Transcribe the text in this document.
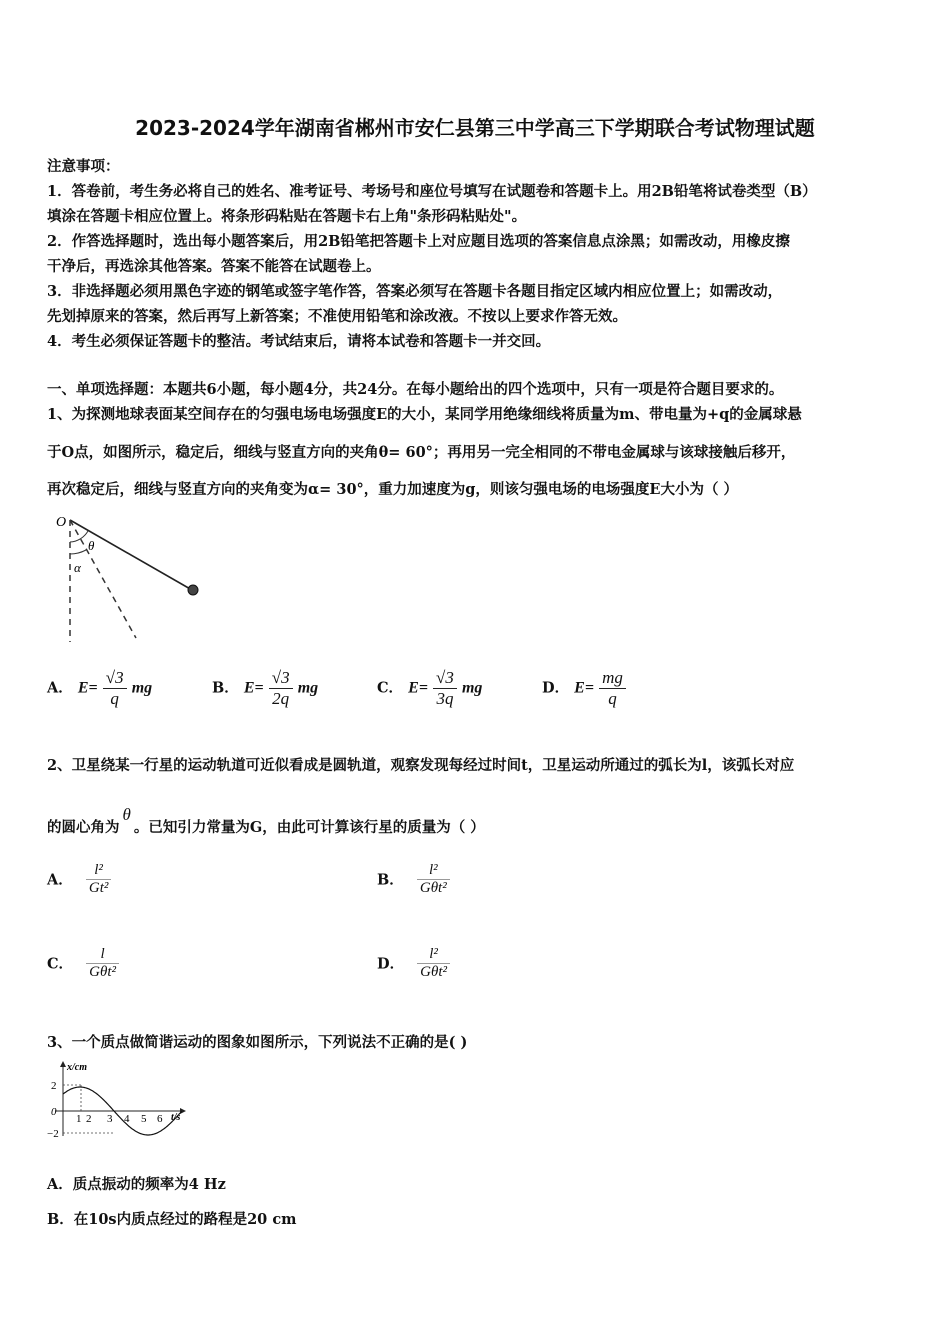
2023-2024学年湖南省郴州市安仁县第三中学高三下学期联合考试物理试题
注意事项：
1．答卷前，考生务必将自己的姓名、准考证号、考场号和座位号填写在试题卷和答题卡上。用2B铅笔将试卷类型（B）
填涂在答题卡相应位置上。将条形码粘贴在答题卡右上角"条形码粘贴处"。
2．作答选择题时，选出每小题答案后，用2B铅笔把答题卡上对应题目选项的答案信息点涂黑；如需改动，用橡皮擦
干净后，再选涂其他答案。答案不能答在试题卷上。
3．非选择题必须用黑色字迹的钢笔或签字笔作答，答案必须写在答题卡各题目指定区域内相应位置上；如需改动，
先划掉原来的答案，然后再写上新答案；不准使用铅笔和涂改液。不按以上要求作答无效。
4．考生必须保证答题卡的整洁。考试结束后，请将本试卷和答题卡一并交回。
一、单项选择题：本题共6小题，每小题4分，共24分。在每小题给出的四个选项中，只有一项是符合题目要求的。
1、为探测地球表面某空间存在的匀强电场电场强度E的大小，某同学用绝缘细线将质量为m、带电量为+q的金属球悬
于O点，如图所示，稳定后，细线与竖直方向的夹角θ= 60°；再用另一完全相同的不带电金属球与该球接触后移开，
再次稳定后，细线与竖直方向的夹角变为α= 30°，重力加速度为g，则该匀强电场的电场强度E大小为（ ）
O
θ
α
A． $E= \frac{√3}{q}$ mg	B． $E= \frac{√3}{2q}$ mg	C． $E= \frac{√3}{3q}$ mg	D． $E= \frac{mg}{q}$
2、卫星绕某一行星的运动轨道可近似看成是圆轨道，观察发现每经过时间t，卫星运动所通过的弧长为l，该弧长对应
的圆心角为θ。已知引力常量为G，由此可计算该行星的质量为（ ）
A． $\frac{\text{l²}}{\text{Gt²}}$	B． $\frac{\text{l²}}{\text{Gθt²}}$
C． $\frac{l}{\text{Gθt²}}$	D． $\frac{\text{l²}}{\text{Gθt²}}$
3、一个质点做简谐运动的图象如图所示，下列说法不正确的是( )
x/cm
t/s
2
0
−2
1 2 3 4 5 6
A．质点振动的频率为4 Hz
B．在10s内质点经过的路程是20 cm
